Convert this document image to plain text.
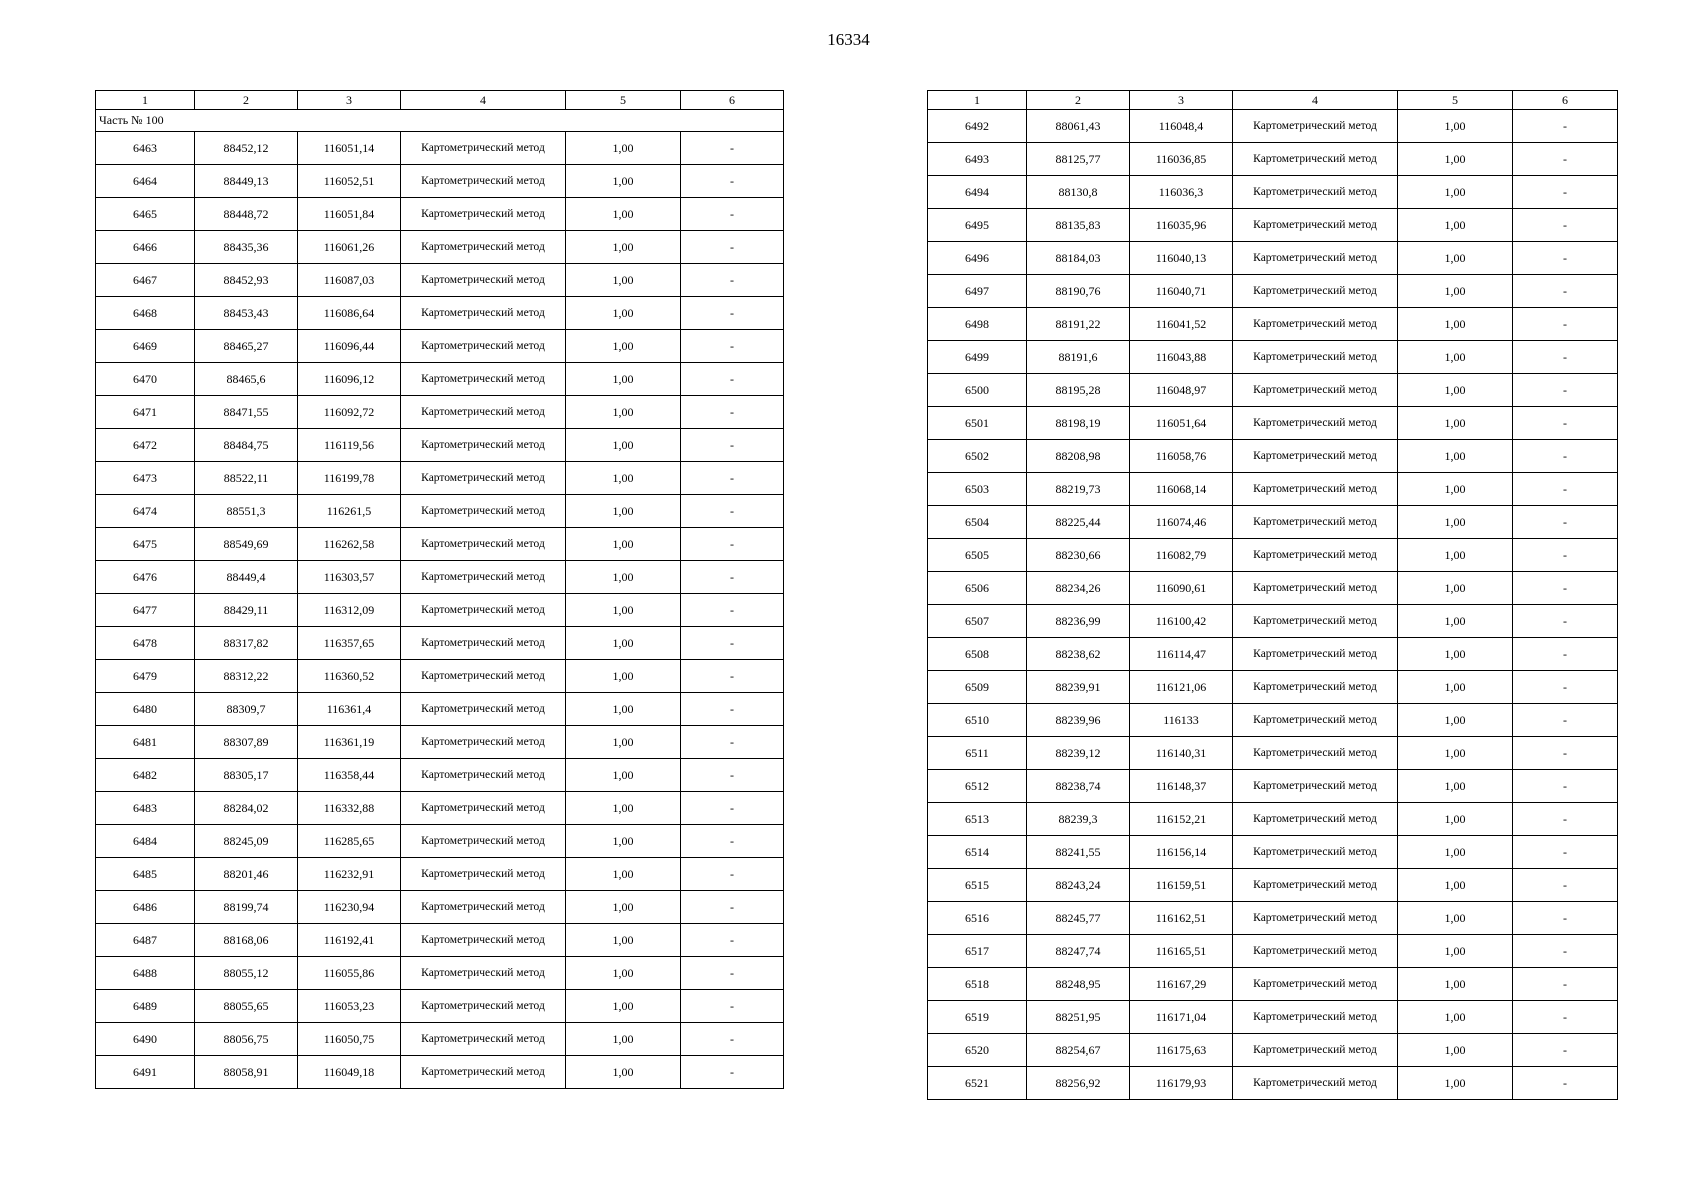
16334
1	2	3	4	5	6
Часть № 100					
6463	88452,12	116051,14	Картометрический метод	1,00	-
6464	88449,13	116052,51	Картометрический метод	1,00	-
6465	88448,72	116051,84	Картометрический метод	1,00	-
6466	88435,36	116061,26	Картометрический метод	1,00	-
6467	88452,93	116087,03	Картометрический метод	1,00	-
6468	88453,43	116086,64	Картометрический метод	1,00	-
6469	88465,27	116096,44	Картометрический метод	1,00	-
6470	88465,6	116096,12	Картометрический метод	1,00	-
6471	88471,55	116092,72	Картометрический метод	1,00	-
6472	88484,75	116119,56	Картометрический метод	1,00	-
6473	88522,11	116199,78	Картометрический метод	1,00	-
6474	88551,3	116261,5	Картометрический метод	1,00	-
6475	88549,69	116262,58	Картометрический метод	1,00	-
6476	88449,4	116303,57	Картометрический метод	1,00	-
6477	88429,11	116312,09	Картометрический метод	1,00	-
6478	88317,82	116357,65	Картометрический метод	1,00	-
6479	88312,22	116360,52	Картометрический метод	1,00	-
6480	88309,7	116361,4	Картометрический метод	1,00	-
6481	88307,89	116361,19	Картометрический метод	1,00	-
6482	88305,17	116358,44	Картометрический метод	1,00	-
6483	88284,02	116332,88	Картометрический метод	1,00	-
6484	88245,09	116285,65	Картометрический метод	1,00	-
6485	88201,46	116232,91	Картометрический метод	1,00	-
6486	88199,74	116230,94	Картометрический метод	1,00	-
6487	88168,06	116192,41	Картометрический метод	1,00	-
6488	88055,12	116055,86	Картометрический метод	1,00	-
6489	88055,65	116053,23	Картометрический метод	1,00	-
6490	88056,75	116050,75	Картометрический метод	1,00	-
6491	88058,91	116049,18	Картометрический метод	1,00	-
1	2	3	4	5	6
6492	88061,43	116048,4	Картометрический метод	1,00	-
6493	88125,77	116036,85	Картометрический метод	1,00	-
6494	88130,8	116036,3	Картометрический метод	1,00	-
6495	88135,83	116035,96	Картометрический метод	1,00	-
6496	88184,03	116040,13	Картометрический метод	1,00	-
6497	88190,76	116040,71	Картометрический метод	1,00	-
6498	88191,22	116041,52	Картометрический метод	1,00	-
6499	88191,6	116043,88	Картометрический метод	1,00	-
6500	88195,28	116048,97	Картометрический метод	1,00	-
6501	88198,19	116051,64	Картометрический метод	1,00	-
6502	88208,98	116058,76	Картометрический метод	1,00	-
6503	88219,73	116068,14	Картометрический метод	1,00	-
6504	88225,44	116074,46	Картометрический метод	1,00	-
6505	88230,66	116082,79	Картометрический метод	1,00	-
6506	88234,26	116090,61	Картометрический метод	1,00	-
6507	88236,99	116100,42	Картометрический метод	1,00	-
6508	88238,62	116114,47	Картометрический метод	1,00	-
6509	88239,91	116121,06	Картометрический метод	1,00	-
6510	88239,96	116133	Картометрический метод	1,00	-
6511	88239,12	116140,31	Картометрический метод	1,00	-
6512	88238,74	116148,37	Картометрический метод	1,00	-
6513	88239,3	116152,21	Картометрический метод	1,00	-
6514	88241,55	116156,14	Картометрический метод	1,00	-
6515	88243,24	116159,51	Картометрический метод	1,00	-
6516	88245,77	116162,51	Картометрический метод	1,00	-
6517	88247,74	116165,51	Картометрический метод	1,00	-
6518	88248,95	116167,29	Картометрический метод	1,00	-
6519	88251,95	116171,04	Картометрический метод	1,00	-
6520	88254,67	116175,63	Картометрический метод	1,00	-
6521	88256,92	116179,93	Картометрический метод	1,00	-
